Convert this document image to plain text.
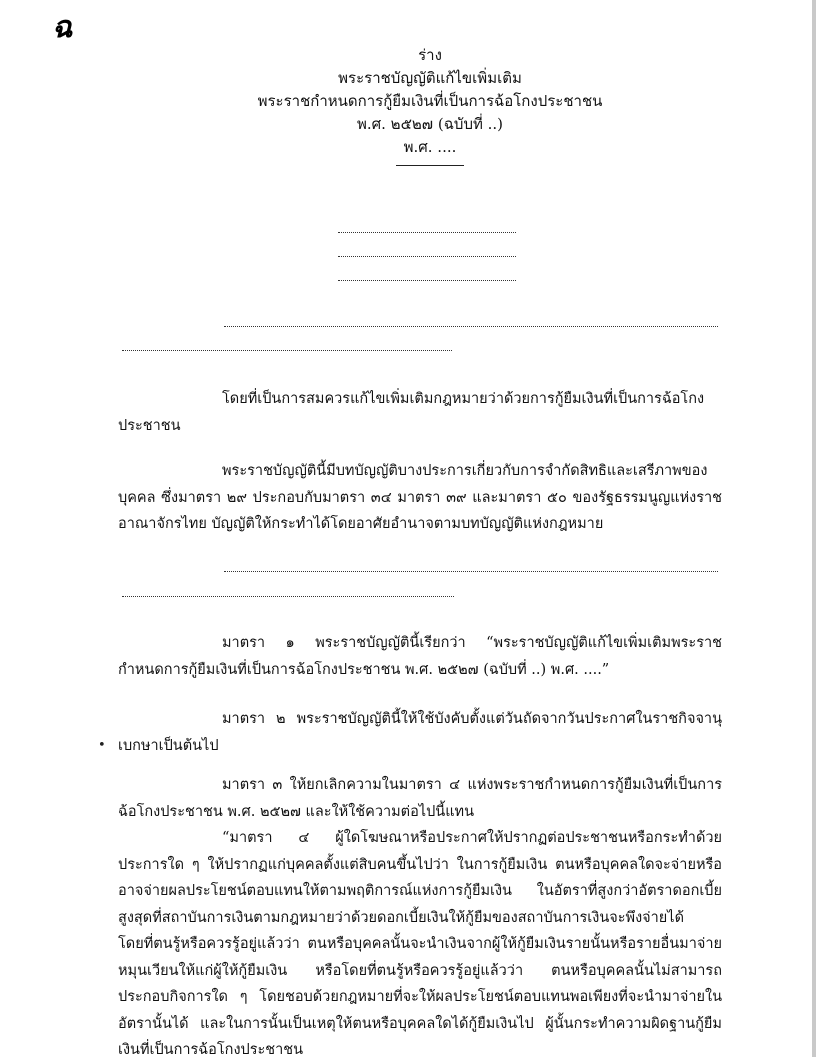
ฉ
ร่าง
พระราชบัญญัติแก้ไขเพิ่มเติม
พระราชกำหนดการกู้ยืมเงินที่เป็นการฉ้อโกงประชาชน
พ.ศ. ๒๕๒๗ (ฉบับที่ ..)
พ.ศ. ....
โดยที่เป็นการสมควรแก้ไขเพิ่มเติมกฎหมายว่าด้วยการกู้ยืมเงินที่เป็นการฉ้อโกงประชาชน
พระราชบัญญัตินี้มีบทบัญญัติบางประการเกี่ยวกับการจำกัดสิทธิและเสรีภาพของบุคคล ซึ่งมาตรา ๒๙ ประกอบกับมาตรา ๓๔ มาตรา ๓๙ และมาตรา ๕๐ ของรัฐธรรมนูญแห่งราชอาณาจักรไทย บัญญัติให้กระทำได้โดยอาศัยอำนาจตามบทบัญญัติแห่งกฎหมาย
มาตรา ๑ พระราชบัญญัตินี้เรียกว่า “พระราชบัญญัติแก้ไขเพิ่มเติมพระราชกำหนดการกู้ยืมเงินที่เป็นการฉ้อโกงประชาชน พ.ศ. ๒๕๒๗ (ฉบับที่ ..) พ.ศ. ....”
มาตรา ๒ พระราชบัญญัตินี้ให้ใช้บังคับตั้งแต่วันถัดจากวันประกาศในราชกิจจานุเบกษาเป็นต้นไป
มาตรา ๓ ให้ยกเลิกความในมาตรา ๔ แห่งพระราชกำหนดการกู้ยืมเงินที่เป็นการฉ้อโกงประชาชน พ.ศ. ๒๕๒๗ และให้ใช้ความต่อไปนี้แทน
“มาตรา ๔ ผู้ใดโฆษณาหรือประกาศให้ปรากฏต่อประชาชนหรือกระทำด้วยประการใด ๆ ให้ปรากฏแก่บุคคลตั้งแต่สิบคนขึ้นไปว่า ในการกู้ยืมเงิน ตนหรือบุคคลใดจะจ่ายหรืออาจจ่ายผลประโยชน์ตอบแทนให้ตามพฤติการณ์แห่งการกู้ยืมเงิน ในอัตราที่สูงกว่าอัตราดอกเบี้ยสูงสุดที่สถาบันการเงินตามกฎหมายว่าด้วยดอกเบี้ยเงินให้กู้ยืมของสถาบันการเงินจะพึงจ่ายได้ โดยที่ตนรู้หรือควรรู้อยู่แล้วว่า ตนหรือบุคคลนั้นจะนำเงินจากผู้ให้กู้ยืมเงินรายนั้นหรือรายอื่นมาจ่ายหมุนเวียนให้แก่ผู้ให้กู้ยืมเงิน หรือโดยที่ตนรู้หรือควรรู้อยู่แล้วว่า ตนหรือบุคคลนั้นไม่สามารถประกอบกิจการใด ๆ โดยชอบด้วยกฎหมายที่จะให้ผลประโยชน์ตอบแทนพอเพียงที่จะนำมาจ่ายในอัตรานั้นได้ และในการนั้นเป็นเหตุให้ตนหรือบุคคลใดได้กู้ยืมเงินไป ผู้นั้นกระทำความผิดฐานกู้ยืมเงินที่เป็นการฉ้อโกงประชาชน
•
